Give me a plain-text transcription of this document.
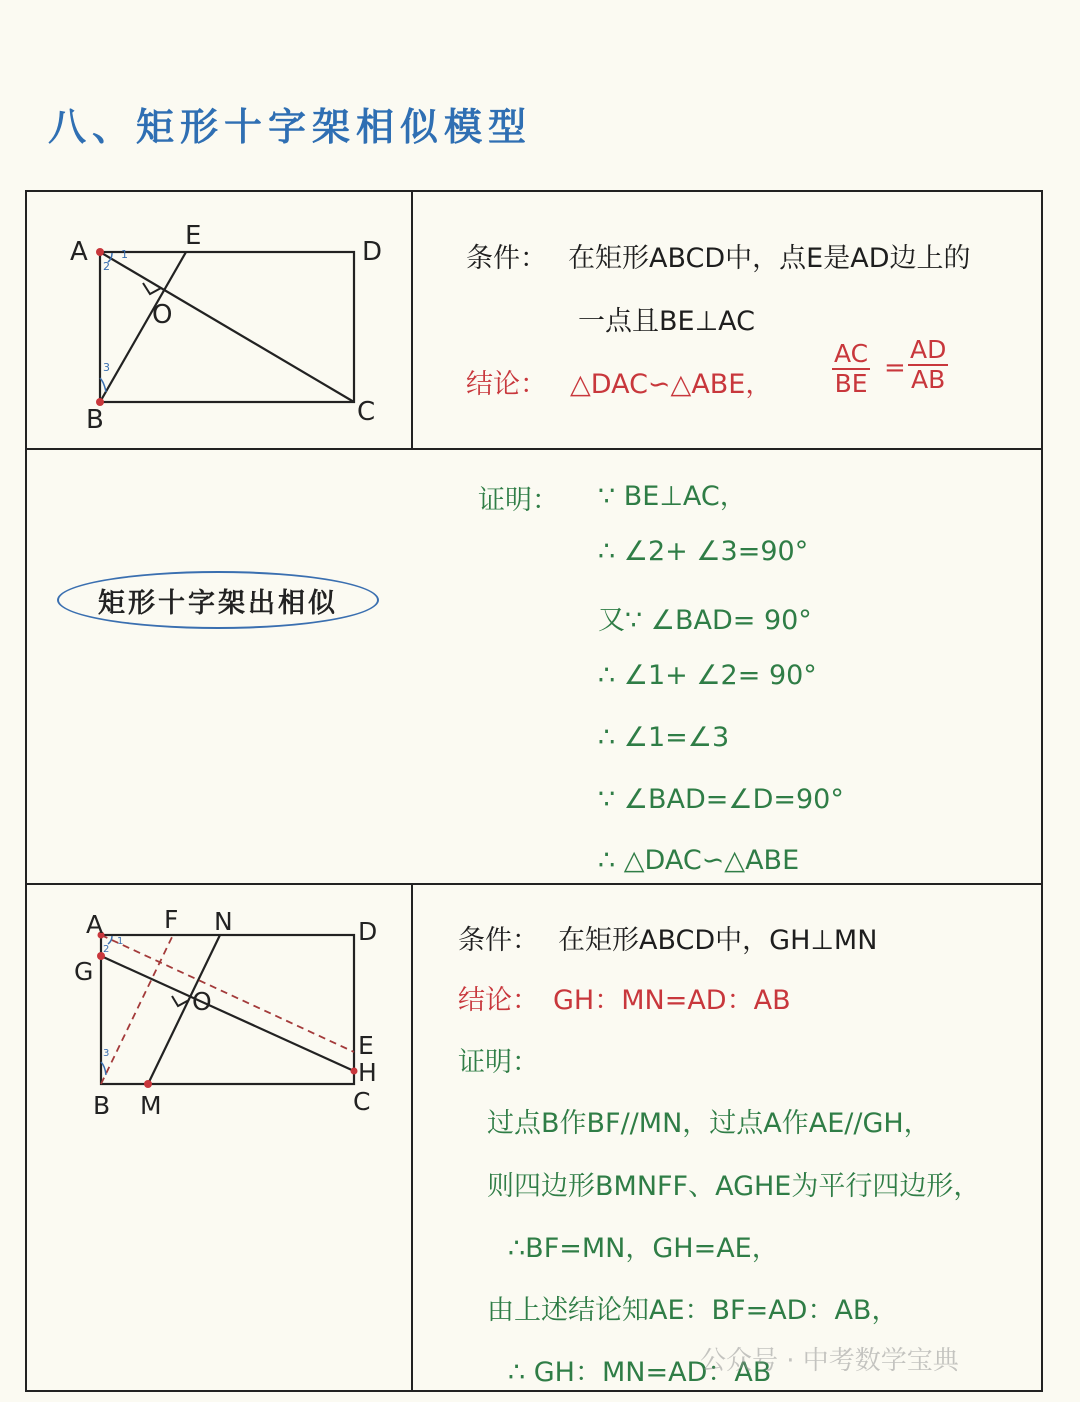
八、矩形十字架相似模型
A
B	C
D
E
O
1
2
3
条件： 在矩形ABCD中，点E是AD边上的
一点且BE⊥AC
结论： △DAC∽△ABE， $\frac{AC}{BE} = \frac{AD}{AB}$
矩形十字架出相似
证明： ∵ BE⊥AC，
∴ ∠2+ ∠3=90°
又∵ ∠BAD= 90°
∴ ∠1+ ∠2= 90°
∴ ∠1=∠3
∵ ∠BAD=∠D=90°
∴ △DAC∽△ABE
A
G
B M	C
D
E
H
F N
O
1
2
3
条件： 在矩形ABCD中，GH⊥MN
结论： GH：MN=AD：AB
证明：
过点B作BF//MN，过点A作AE//GH，
则四边形BMNFF、AGHE为平行四边形，
∴BF=MN，GH=AE，
由上述结论知AE：BF=AD：AB，
∴ GH：MN=AD：AB
公众号 · 中考数学宝典
